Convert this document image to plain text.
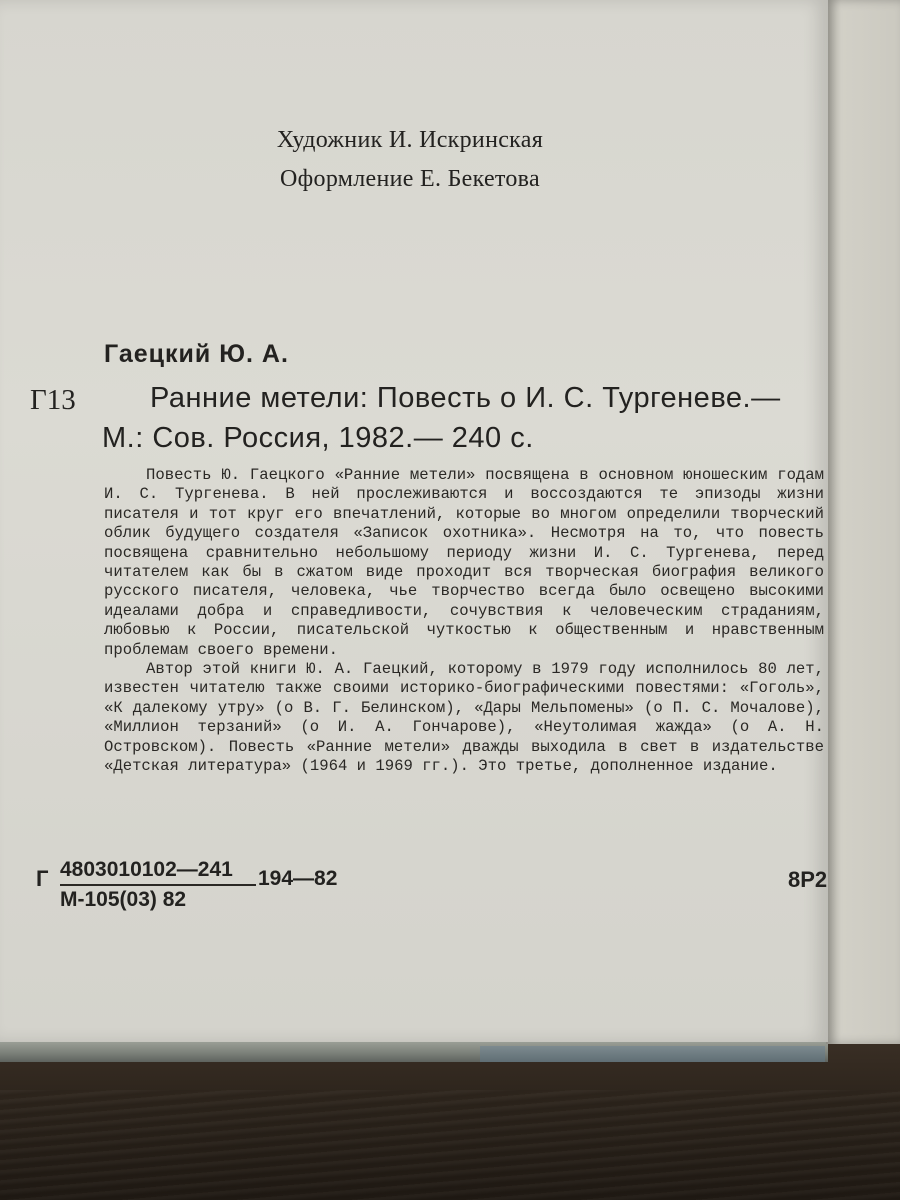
Художник И. Искринская
Оформление Е. Бекетова
Гаецкий Ю. А.
Г13	Ранние метели: Повесть о И. С. Тургеневе.—
М.: Сов. Россия, 1982.— 240 с.

Повесть Ю. Гаецкого «Ранние метели» посвящена в основном юношеским годам И. С. Тургенева. В ней прослеживаются и воссоздаются те эпизоды жизни писателя и тот круг его впечатлений, которые во многом определили творческий облик будущего создателя «Записок охотника». Несмотря на то, что повесть посвящена сравнительно небольшому периоду жизни И. С. Тургенева, перед читателем как бы в сжатом виде проходит вся творческая биография великого русского писателя, человека, чье творчество всегда было освещено высокими идеалами добра и справедливости, сочувствия к человеческим страданиям, любовью к России, писательской чуткостью к общественным и нравственным проблемам своего времени.

Автор этой книги Ю. А. Гаецкий, которому в 1979 году исполнилось 80 лет, известен читателю также своими историко-биографическими повестями: «Гоголь», «К далекому утру» (о В. Г. Белинском), «Дары Мельпомены» (о П. С. Мочалове), «Миллион терзаний» (о И. А. Гончарове), «Неутолимая жажда» (о А. Н. Островском). Повесть «Ранние метели» дважды выходила в свет в издательстве «Детская литература» (1964 и 1969 гг.). Это третье, дополненное издание.

Г 4803010102—241
М-105(03) 82
194—82	8Р2
